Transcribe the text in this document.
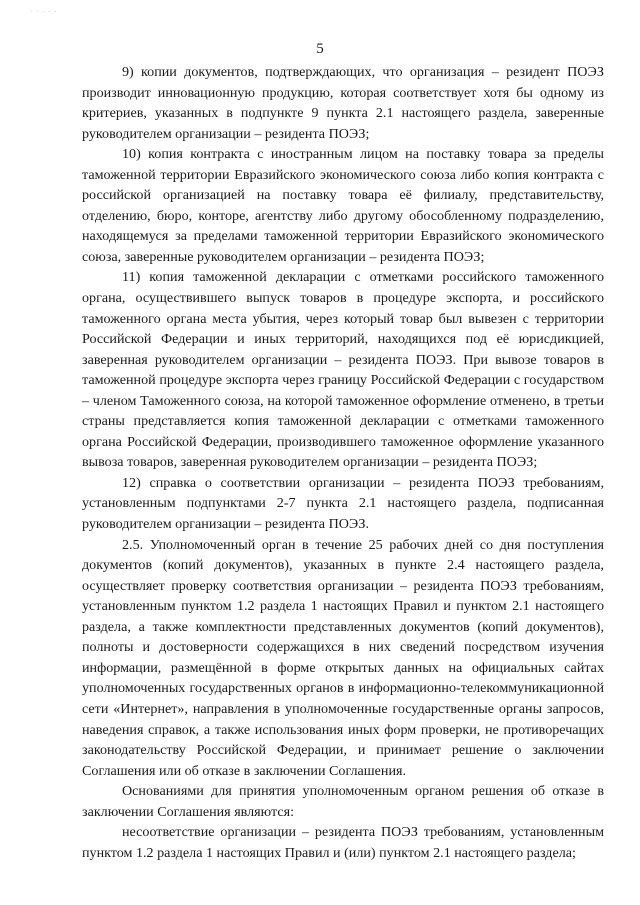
· · · · ·
5

9) копии документов, подтверждающих, что организация – резидент ПОЭЗ производит инновационную продукцию, которая соответствует хотя бы одному из критериев, указанных в подпункте 9 пункта 2.1 настоящего раздела, заверенные руководителем организации – резидента ПОЭЗ;

10) копия контракта с иностранным лицом на поставку товара за пределы таможенной территории Евразийского экономического союза либо копия контракта с российской организацией на поставку товара её филиалу, представительству, отделению, бюро, конторе, агентству либо другому обособленному подразделению, находящемуся за пределами таможенной территории Евразийского экономического союза, заверенные руководителем организации – резидента ПОЭЗ;

11) копия таможенной декларации с отметками российского таможенного органа, осуществившего выпуск товаров в процедуре экспорта, и российского таможенного органа места убытия, через который товар был вывезен с территории Российской Федерации и иных территорий, находящихся под её юрисдикцией, заверенная руководителем организации – резидента ПОЭЗ. При вывозе товаров в таможенной процедуре экспорта через границу Российской Федерации с государством – членом Таможенного союза, на которой таможенное оформление отменено, в третьи страны представляется копия таможенной декларации с отметками таможенного органа Российской Федерации, производившего таможенное оформление указанного вывоза товаров, заверенная руководителем организации – резидента ПОЭЗ;

12) справка о соответствии организации – резидента ПОЭЗ требованиям, установленным подпунктами 2-7 пункта 2.1 настоящего раздела, подписанная руководителем организации – резидента ПОЭЗ.

2.5. Уполномоченный орган в течение 25 рабочих дней со дня поступления документов (копий документов), указанных в пункте 2.4 настоящего раздела, осуществляет проверку соответствия организации – резидента ПОЭЗ требованиям, установленным пунктом 1.2 раздела 1 настоящих Правил и пунктом 2.1 настоящего раздела, а также комплектности представленных документов (копий документов), полноты и достоверности содержащихся в них сведений посредством изучения информации, размещённой в форме открытых данных на официальных сайтах уполномоченных государственных органов в информационно-телекоммуникационной сети «Интернет», направления в уполномоченные государственные органы запросов, наведения справок, а также использования иных форм проверки, не противоречащих законодательству Российской Федерации, и принимает решение о заключении Соглашения или об отказе в заключении Соглашения.

Основаниями для принятия уполномоченным органом решения об отказе в заключении Соглашения являются:

несоответствие организации – резидента ПОЭЗ требованиям, установленным пунктом 1.2 раздела 1 настоящих Правил и (или) пунктом 2.1 настоящего раздела;
